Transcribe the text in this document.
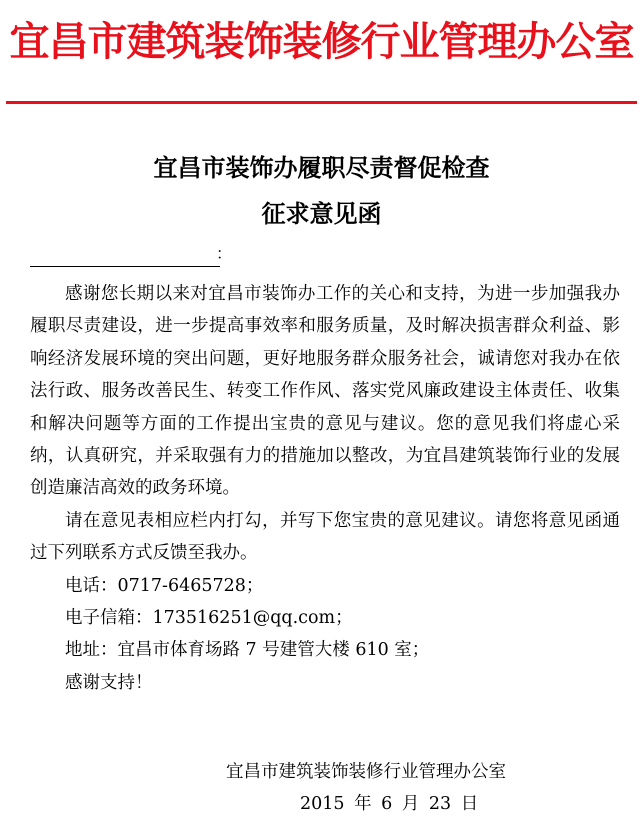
宜昌市建筑装饰装修行业管理办公室
宜昌市装饰办履职尽责督促检查
征求意见函
：

感谢您长期以来对宜昌市装饰办工作的关心和支持，为进一步加强我办履职尽责建设，进一步提高事效率和服务质量，及时解决损害群众利益、影响经济发展环境的突出问题，更好地服务群众服务社会，诚请您对我办在依法行政、服务改善民生、转变工作作风、落实党风廉政建设主体责任、收集和解决问题等方面的工作提出宝贵的意见与建议。您的意见我们将虚心采纳，认真研究，并采取强有力的措施加以整改，为宜昌建筑装饰行业的发展创造廉洁高效的政务环境。

请在意见表相应栏内打勾，并写下您宝贵的意见建议。请您将意见函通过下列联系方式反馈至我办。

电话：0717-6465728；

电子信箱：173516251@qq.com；

地址：宜昌市体育场路 7 号建管大楼 610 室；

感谢支持！

宜昌市建筑装饰装修行业管理办公室
2015 年 6 月 23 日
